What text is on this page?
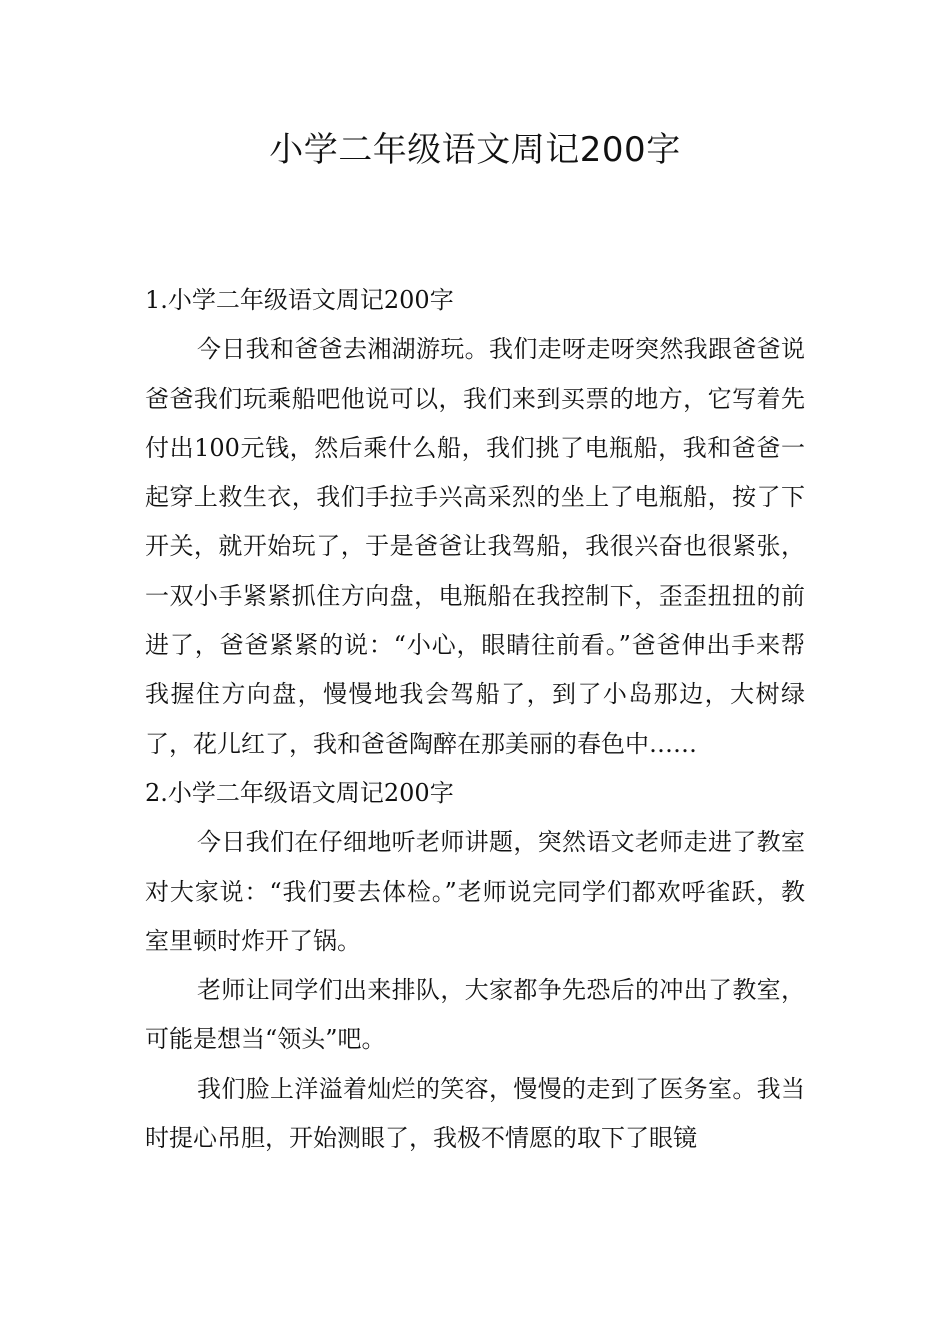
小学二年级语文周记200字
1.小学二年级语文周记200字

今日我和爸爸去湘湖游玩。我们走呀走呀突然我跟爸爸说爸爸我们玩乘船吧他说可以，我们来到买票的地方，它写着先付出100元钱，然后乘什么船，我们挑了电瓶船，我和爸爸一起穿上救生衣，我们手拉手兴高采烈的坐上了电瓶船，按了下开关，就开始玩了，于是爸爸让我驾船，我很兴奋也很紧张，一双小手紧紧抓住方向盘，电瓶船在我控制下，歪歪扭扭的前进了，爸爸紧紧的说：“小心，眼睛往前看。”爸爸伸出手来帮我握住方向盘，慢慢地我会驾船了，到了小岛那边，大树绿了，花儿红了，我和爸爸陶醉在那美丽的春色中……

2.小学二年级语文周记200字

今日我们在仔细地听老师讲题，突然语文老师走进了教室对大家说：“我们要去体检。”老师说完同学们都欢呼雀跃，教室里顿时炸开了锅。

老师让同学们出来排队，大家都争先恐后的冲出了教室，可能是想当“领头”吧。

我们脸上洋溢着灿烂的笑容，慢慢的走到了医务室。我当时提心吊胆，开始测眼了，我极不情愿的取下了眼镜
